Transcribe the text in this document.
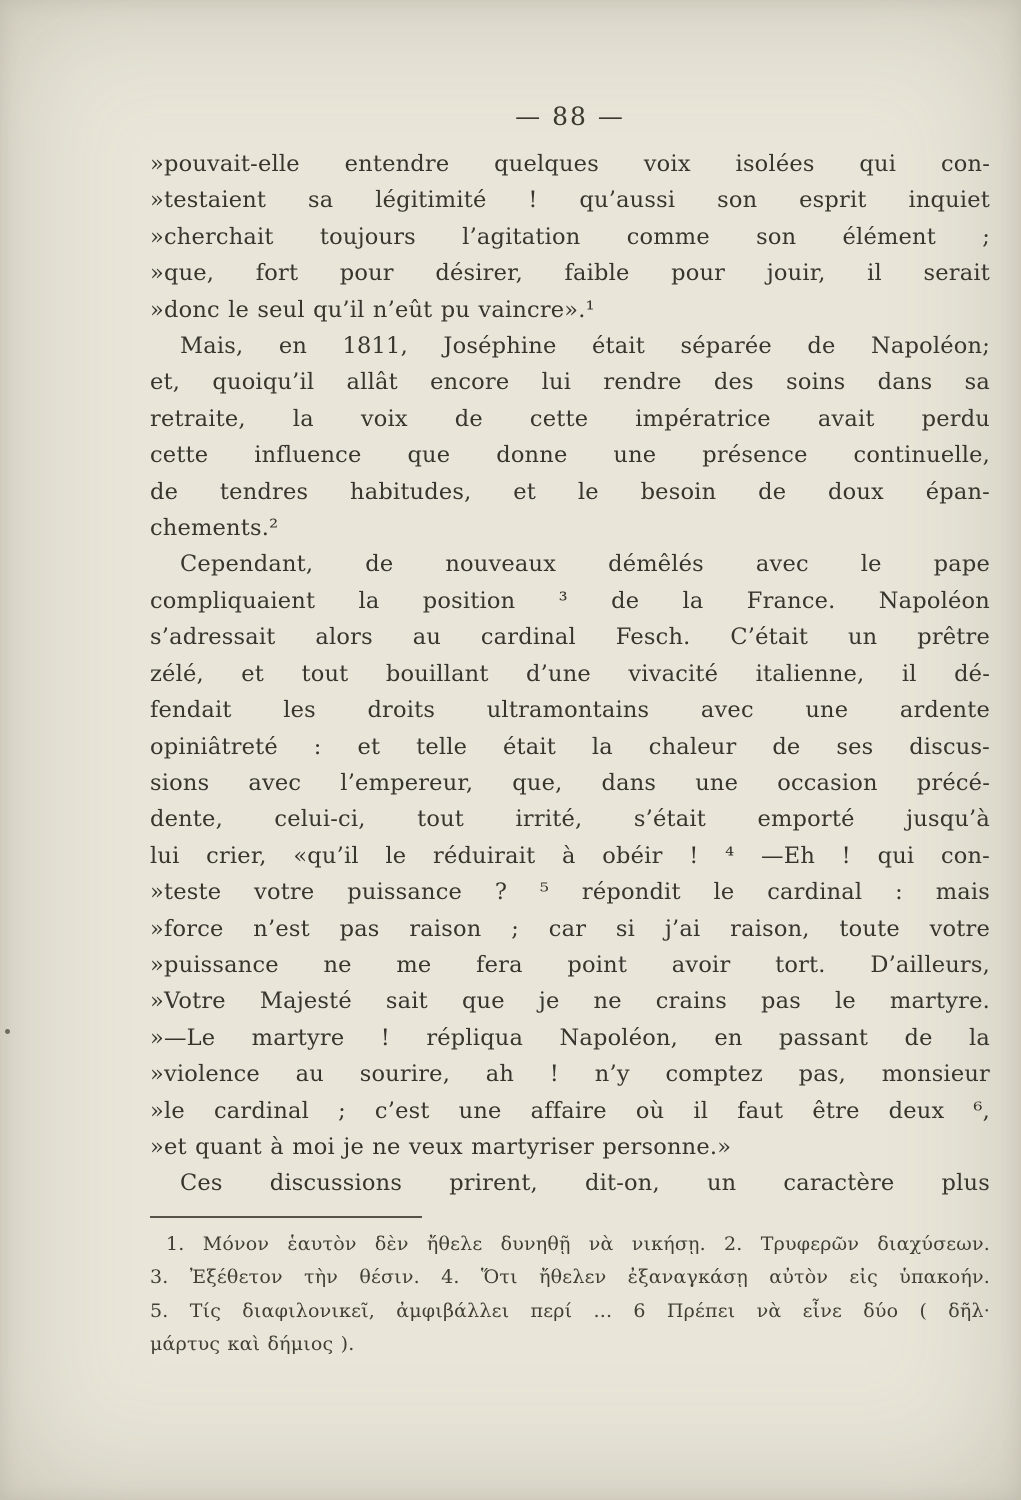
— 88 —
»pouvait-elle entendre quelques voix isolées qui con-
»testaient sa légitimité ! qu’aussi son esprit inquiet
»cherchait toujours l’agitation comme son élément ;
»que, fort pour désirer, faible pour jouir, il serait
»donc le seul qu’il n’eût pu vaincre».¹
Mais, en 1811, Joséphine était séparée de Napoléon;
et, quoiqu’il allât encore lui rendre des soins dans sa
retraite, la voix de cette impératrice avait perdu
cette influence que donne une présence continuelle,
de tendres habitudes, et le besoin de doux épan-
chements.²
Cependant, de nouveaux démêlés avec le pape
compliquaient la position ³ de la France. Napoléon
s’adressait alors au cardinal Fesch. C’était un prêtre
zélé, et tout bouillant d’une vivacité italienne, il dé-
fendait les droits ultramontains avec une ardente
opiniâtreté : et telle était la chaleur de ses discus-
sions avec l’empereur, que, dans une occasion précé-
dente, celui-ci, tout irrité, s’était emporté jusqu’à
lui crier, «qu’il le réduirait à obéir ! ⁴ —Eh ! qui con-
»teste votre puissance ? ⁵ répondit le cardinal : mais
»force n’est pas raison ; car si j’ai raison, toute votre
»puissance ne me fera point avoir tort. D’ailleurs,
»Votre Majesté sait que je ne crains pas le martyre.
»—Le martyre ! répliqua Napoléon, en passant de la
»violence au sourire, ah ! n’y comptez pas, monsieur
»le cardinal ; c’est une affaire où il faut être deux ⁶,
»et quant à moi je ne veux martyriser personne.»
Ces discussions prirent, dit-on, un caractère plus
1. Μόνον ἑαυτὸν δὲν ἤθελε δυνηθῇ νὰ νικήσῃ. 2. Τρυφερῶν διαχύσεων.
3. Ἐξέθετον τὴν θέσιν. 4. Ὅτι ἤθελεν ἐξαναγκάσῃ αὐτὸν εἰς ὑπακοήν.
5. Τίς διαφιλονικεῖ, ἀμφιβάλλει περί ... 6 Πρέπει νὰ εἶνε δύο ( δῆλ·
μάρτυς καὶ δήμιος ).
